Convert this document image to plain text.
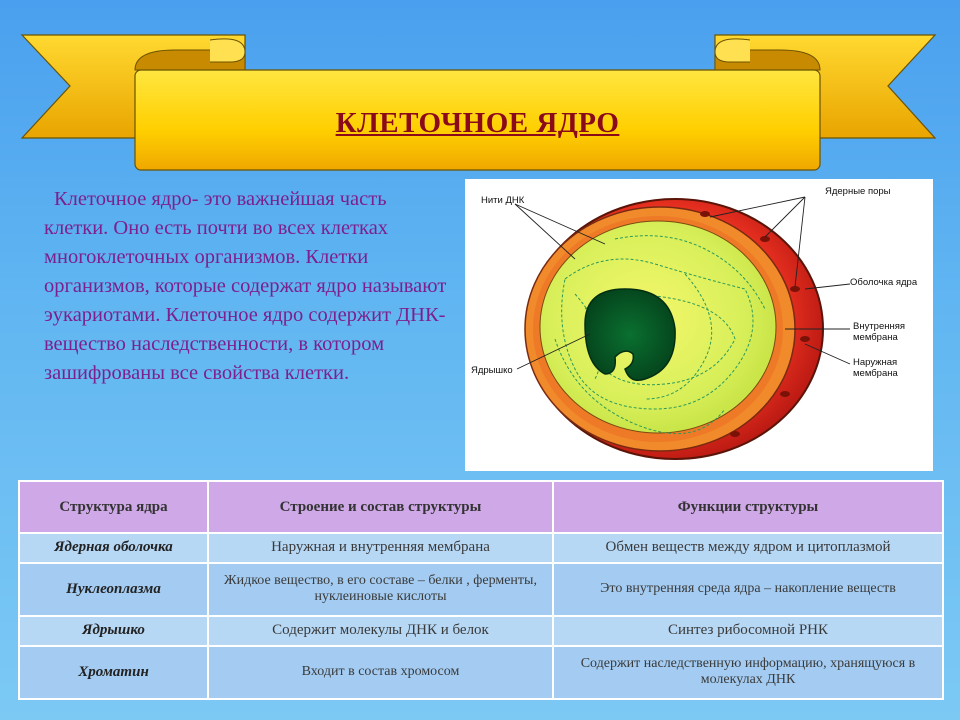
КЛЕТОЧНОЕ ЯДРО
Клеточное ядро- это важнейшая часть клетки. Оно есть почти во всех клетках многоклеточных организмов. Клетки организмов, которые содержат ядро называют эукариотами. Клеточное ядро содержит ДНК- вещество наследственности, в котором зашифрованы все свойства клетки.
Нити ДНК
Ядерные поры
Оболочка ядра
Внутренняя
мембрана
Наружная
мембрана
Ядрышко
Структура ядра	Строение и состав структуры	Функции структуры
Ядерная оболочка	Наружная и внутренняя мембрана	Обмен веществ между ядром и цитоплазмой
Нуклеоплазма	Жидкое вещество, в его составе – белки , ферменты, нуклеиновые кислоты	Это внутренняя среда ядра – накопление веществ
Ядрышко	Содержит молекулы ДНК и белок	Синтез рибосомной РНК
Хроматин	Входит в состав хромосом	Содержит наследственную информацию, хранящуюся в молекулах ДНК
